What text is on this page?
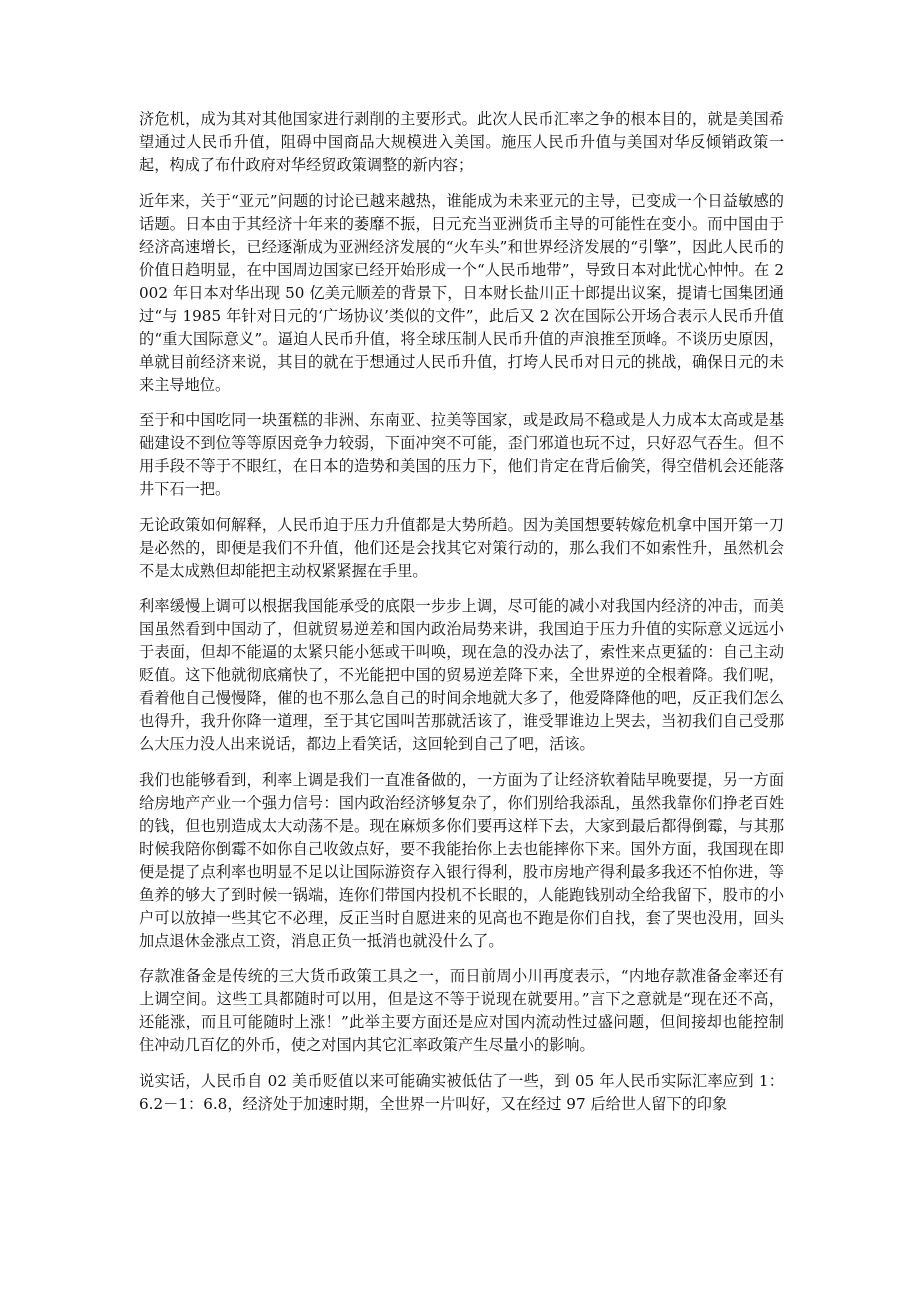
济危机，成为其对其他国家进行剥削的主要形式。此次人民币汇率之争的根本目的，就是美国希望通过人民币升值，阻碍中国商品大规模进入美国。施压人民币升值与美国对华反倾销政策一起，构成了布什政府对华经贸政策调整的新内容；

近年来，关于“亚元”问题的讨论已越来越热，谁能成为未来亚元的主导，已变成一个日益敏感的话题。日本由于其经济十年来的萎靡不振，日元充当亚洲货币主导的可能性在变小。而中国由于经济高速增长，已经逐渐成为亚洲经济发展的“火车头”和世界经济发展的“引擎”，因此人民币的价值日趋明显，在中国周边国家已经开始形成一个“人民币地带”，导致日本对此忧心忡忡。在 2002 年日本对华出现 50 亿美元顺差的背景下，日本财长盐川正十郎提出议案，提请七国集团通过“与 1985 年针对日元的‘广场协议’类似的文件”，此后又 2 次在国际公开场合表示人民币升值的“重大国际意义”。逼迫人民币升值，将全球压制人民币升值的声浪推至顶峰。不谈历史原因，单就目前经济来说，其目的就在于想通过人民币升值，打垮人民币对日元的挑战，确保日元的未来主导地位。

至于和中国吃同一块蛋糕的非洲、东南亚、拉美等国家，或是政局不稳或是人力成本太高或是基础建设不到位等等原因竞争力较弱，下面冲突不可能，歪门邪道也玩不过，只好忍气吞生。但不用手段不等于不眼红，在日本的造势和美国的压力下，他们肯定在背后偷笑，得空借机会还能落井下石一把。

无论政策如何解释，人民币迫于压力升值都是大势所趋。因为美国想要转嫁危机拿中国开第一刀是必然的，即便是我们不升值，他们还是会找其它对策行动的，那么我们不如索性升，虽然机会不是太成熟但却能把主动权紧紧握在手里。

利率缓慢上调可以根据我国能承受的底限一步步上调，尽可能的减小对我国内经济的冲击，而美国虽然看到中国动了，但就贸易逆差和国内政治局势来讲，我国迫于压力升值的实际意义远远小于表面，但却不能逼的太紧只能小惩或干叫唤，现在急的没办法了，索性来点更猛的：自己主动贬值。这下他就彻底痛快了，不光能把中国的贸易逆差降下来，全世界逆的全根着降。我们呢，看着他自己慢慢降，催的也不那么急自己的时间余地就大多了，他爱降降他的吧，反正我们怎么也得升，我升你降一道理，至于其它国叫苦那就活该了，谁受罪谁边上哭去，当初我们自己受那么大压力没人出来说话，都边上看笑话，这回轮到自己了吧，活该。

我们也能够看到，利率上调是我们一直准备做的，一方面为了让经济软着陆早晚要提，另一方面给房地产产业一个强力信号：国内政治经济够复杂了，你们别给我添乱，虽然我靠你们挣老百姓的钱，但也别造成太大动荡不是。现在麻烦多你们要再这样下去，大家到最后都得倒霉，与其那时候我陪你倒霉不如你自己收敛点好，要不我能抬你上去也能摔你下来。国外方面，我国现在即便是提了点利率也明显不足以让国际游资存入银行得利，股市房地产得利最多我还不怕你进，等鱼养的够大了到时候一锅端，连你们带国内投机不长眼的，人能跑钱别动全给我留下，股市的小户可以放掉一些其它不必理，反正当时自愿进来的见高也不跑是你们自找，套了哭也没用，回头加点退休金涨点工资，消息正负一抵消也就没什么了。

存款准备金是传统的三大货币政策工具之一，而日前周小川再度表示，“内地存款准备金率还有上调空间。这些工具都随时可以用，但是这不等于说现在就要用。”言下之意就是“现在还不高，还能涨，而且可能随时上涨！”此举主要方面还是应对国内流动性过盛问题，但间接却也能控制住冲动几百亿的外币，使之对国内其它汇率政策产生尽量小的影响。

说实话，人民币自 02 美币贬值以来可能确实被低估了一些，到 05 年人民币实际汇率应到 1：6.2－1：6.8，经济处于加速时期，全世界一片叫好，又在经过 97 后给世人留下的印象
